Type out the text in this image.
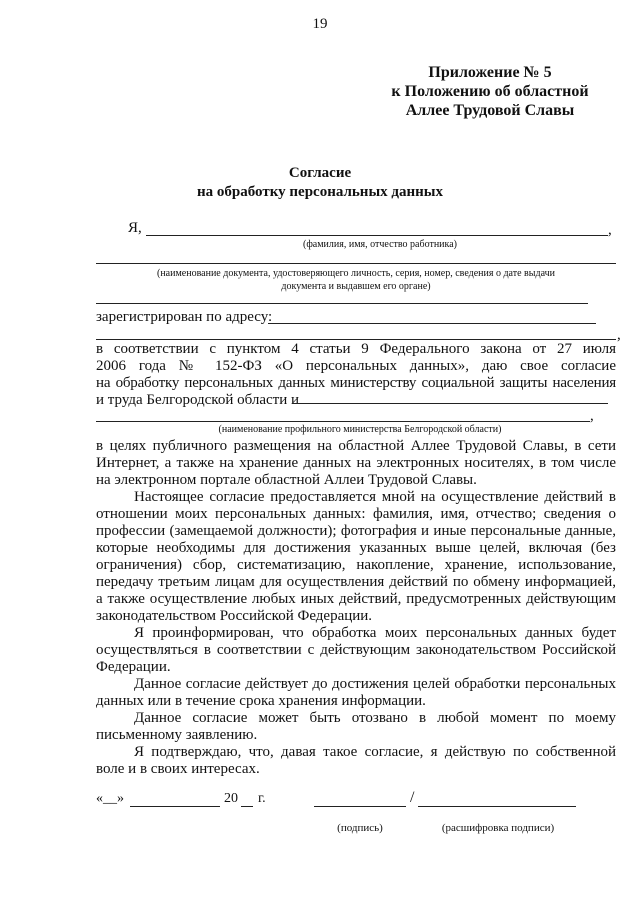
19
Приложение № 5
к Положению об областной
Аллее Трудовой Славы
Согласие
на обработку персональных данных
Я,	,
(фамилия, имя, отчество работника)
(наименование документа, удостоверяющего личность, серия, номер, сведения о дате выдачи
документа и выдавшем его органе)
зарегистрирован по адресу:
,
в соответствии с пунктом 4 статьи 9 Федерального закона от 27 июля
2006 года № 152-ФЗ «О персональных данных», даю свое согласие
на обработку персональных данных министерству социальной защиты населения
и труда Белгородской области и
,
(наименование профильного министерства Белгородской области)

в целях публичного размещения на областной Аллее Трудовой Славы, в сети Интернет, а также на хранение данных на электронных носителях, в том числе на электронном портале областной Аллеи Трудовой Славы.

Настоящее согласие предоставляется мной на осуществление действий в отношении моих персональных данных: фамилия, имя, отчество; сведения о профессии (замещаемой должности); фотография и иные персональные данные, которые необходимы для достижения указанных выше целей, включая (без ограничения) сбор, систематизацию, накопление, хранение, использование, передачу третьим лицам для осуществления действий по обмену информацией, а также осуществление любых иных действий, предусмотренных действующим законодательством Российской Федерации.

Я проинформирован, что обработка моих персональных данных будет осуществляться в соответствии с действующим законодательством Российской Федерации.

Данное согласие действует до достижения целей обработки персональных данных или в течение срока хранения информации.

Данное согласие может быть отозвано в любой момент по моему письменному заявлению.

Я подтверждаю, что, давая такое согласие, я действую по собственной воле и в своих интересах.

«__»	20 г.	/
(подпись)	(расшифровка подписи)
